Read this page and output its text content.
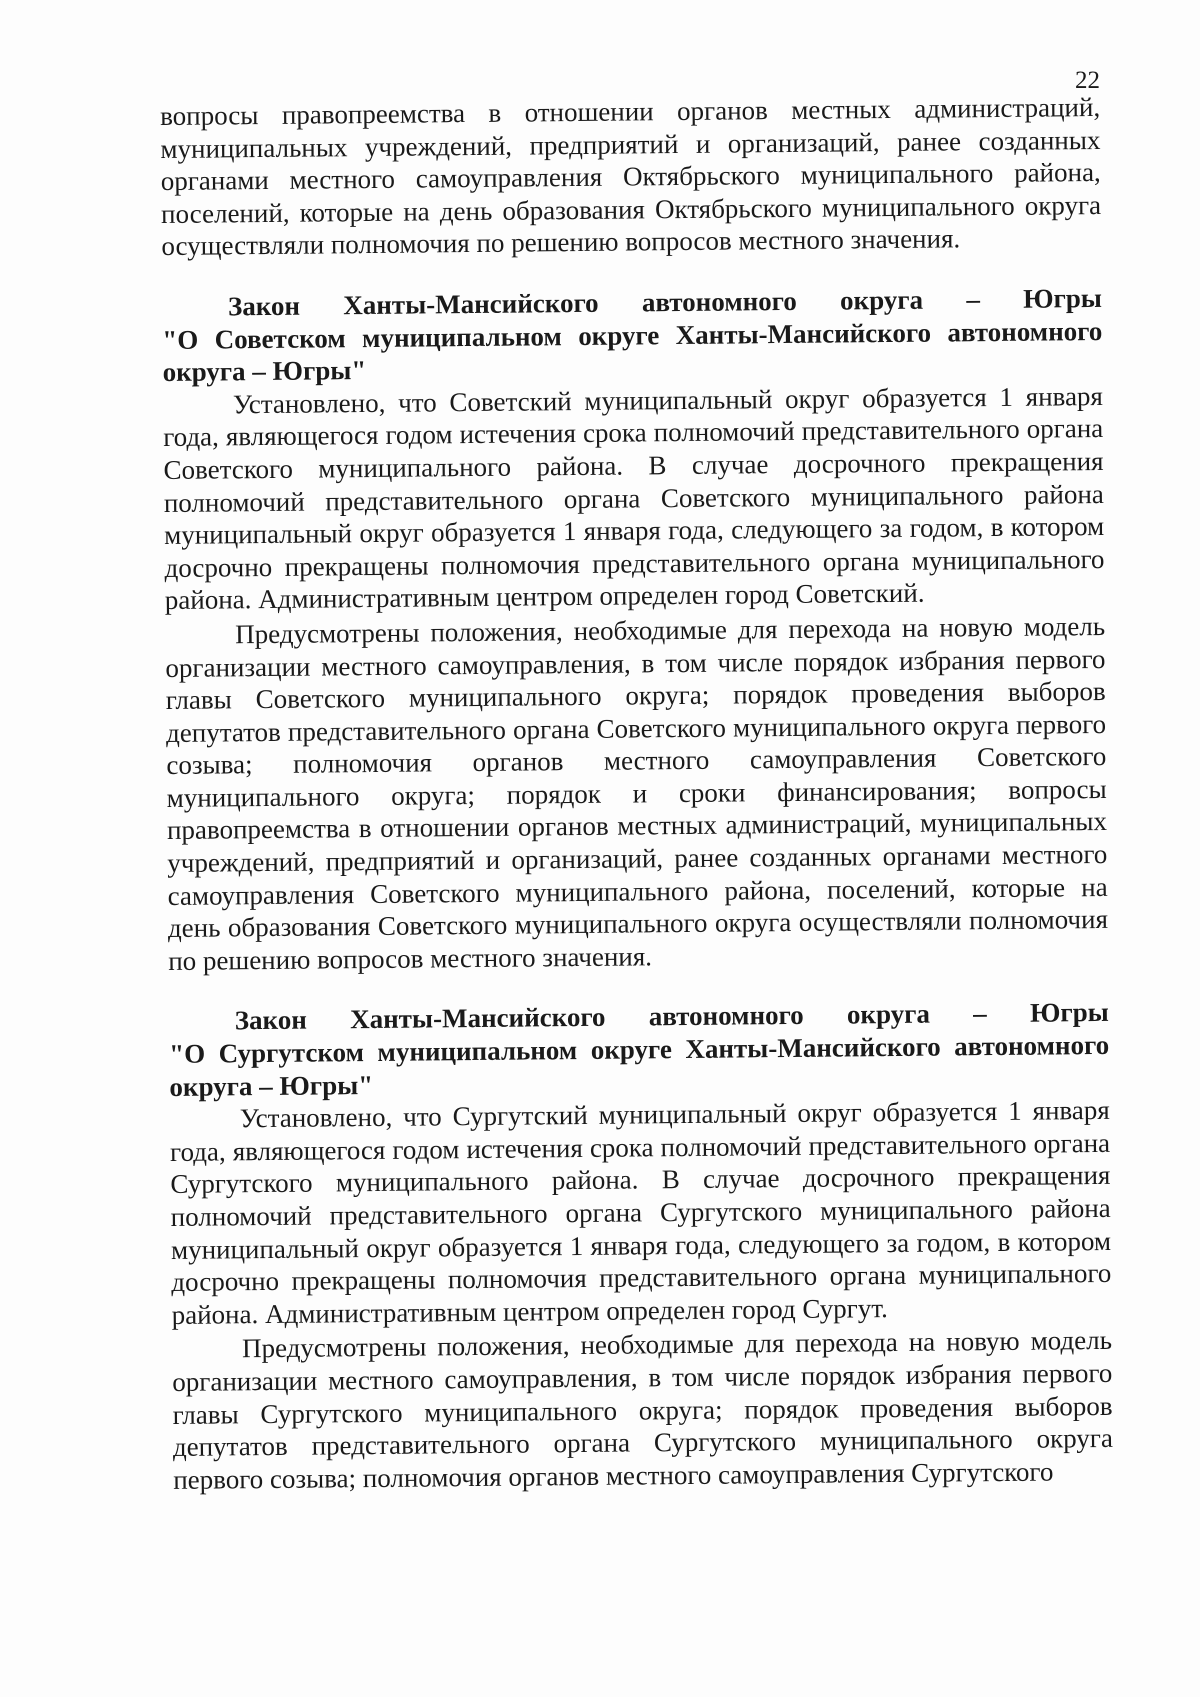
22

вопросы правопреемства в отношении органов местных администраций, муниципальных учреждений, предприятий и организаций, ранее созданных органами местного самоуправления Октябрьского муниципального района, поселений, которые на день образования Октябрьского муниципального округа осуществляли полномочия по решению вопросов местного значения.

Закон Ханты-Мансийского автономного округа – Югры
"О Советском муниципальном округе Ханты-Мансийского автономного округа – Югры"

Установлено, что Советский муниципальный округ образуется 1 января года, являющегося годом истечения срока полномочий представительного органа Советского муниципального района. В случае досрочного прекращения полномочий представительного органа Советского муниципального района муниципальный округ образуется 1 января года, следующего за годом, в котором досрочно прекращены полномочия представительного органа муниципального района. Административным центром определен город Советский.

Предусмотрены положения, необходимые для перехода на новую модель организации местного самоуправления, в том числе порядок избрания первого главы Советского муниципального округа; порядок проведения выборов депутатов представительного органа Советского муниципального округа первого созыва; полномочия органов местного самоуправления Советского муниципального округа; порядок и сроки финансирования; вопросы правопреемства в отношении органов местных администраций, муниципальных учреждений, предприятий и организаций, ранее созданных органами местного самоуправления Советского муниципального района, поселений, которые на день образования Советского муниципального округа осуществляли полномочия по решению вопросов местного значения.

Закон Ханты-Мансийского автономного округа – Югры
"О Сургутском муниципальном округе Ханты-Мансийского автономного округа – Югры"

Установлено, что Сургутский муниципальный округ образуется 1 января года, являющегося годом истечения срока полномочий представительного органа Сургутского муниципального района. В случае досрочного прекращения полномочий представительного органа Сургутского муниципального района муниципальный округ образуется 1 января года, следующего за годом, в котором досрочно прекращены полномочия представительного органа муниципального района. Административным центром определен город Сургут.

Предусмотрены положения, необходимые для перехода на новую модель организации местного самоуправления, в том числе порядок избрания первого главы Сургутского муниципального округа; порядок проведения выборов депутатов представительного органа Сургутского муниципального округа первого созыва; полномочия органов местного самоуправления Сургутского
